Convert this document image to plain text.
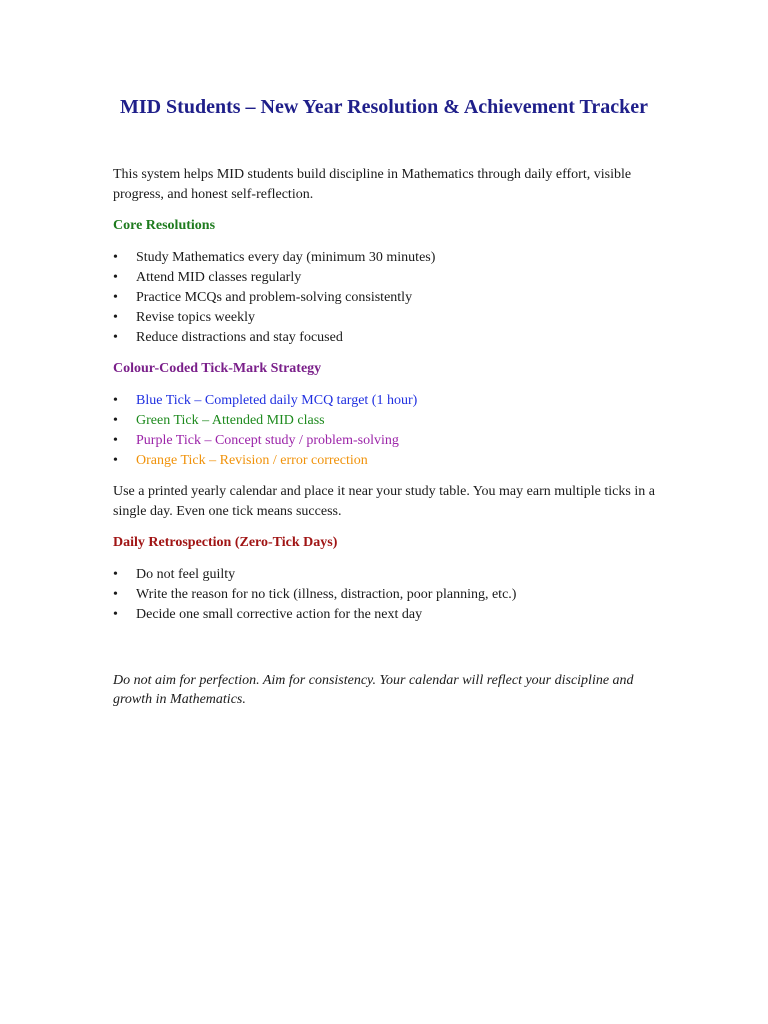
MID Students – New Year Resolution & Achievement Tracker

This system helps MID students build discipline in Mathematics through daily effort, visible progress, and honest self-reflection.

Core Resolutions
•	Study Mathematics every day (minimum 30 minutes)
•	Attend MID classes regularly
•	Practice MCQs and problem-solving consistently
•	Revise topics weekly
•	Reduce distractions and stay focused
Colour-Coded Tick-Mark Strategy
•	Blue Tick – Completed daily MCQ target (1 hour)
•	Green Tick – Attended MID class
•	Purple Tick – Concept study / problem-solving
•	Orange Tick – Revision / error correction

Use a printed yearly calendar and place it near your study table. You may earn multiple ticks in a single day. Even one tick means success.

Daily Retrospection (Zero-Tick Days)
•	Do not feel guilty
•	Write the reason for no tick (illness, distraction, poor planning, etc.)
•	Decide one small corrective action for the next day

Do not aim for perfection. Aim for consistency. Your calendar will reflect your discipline and growth in Mathematics.
